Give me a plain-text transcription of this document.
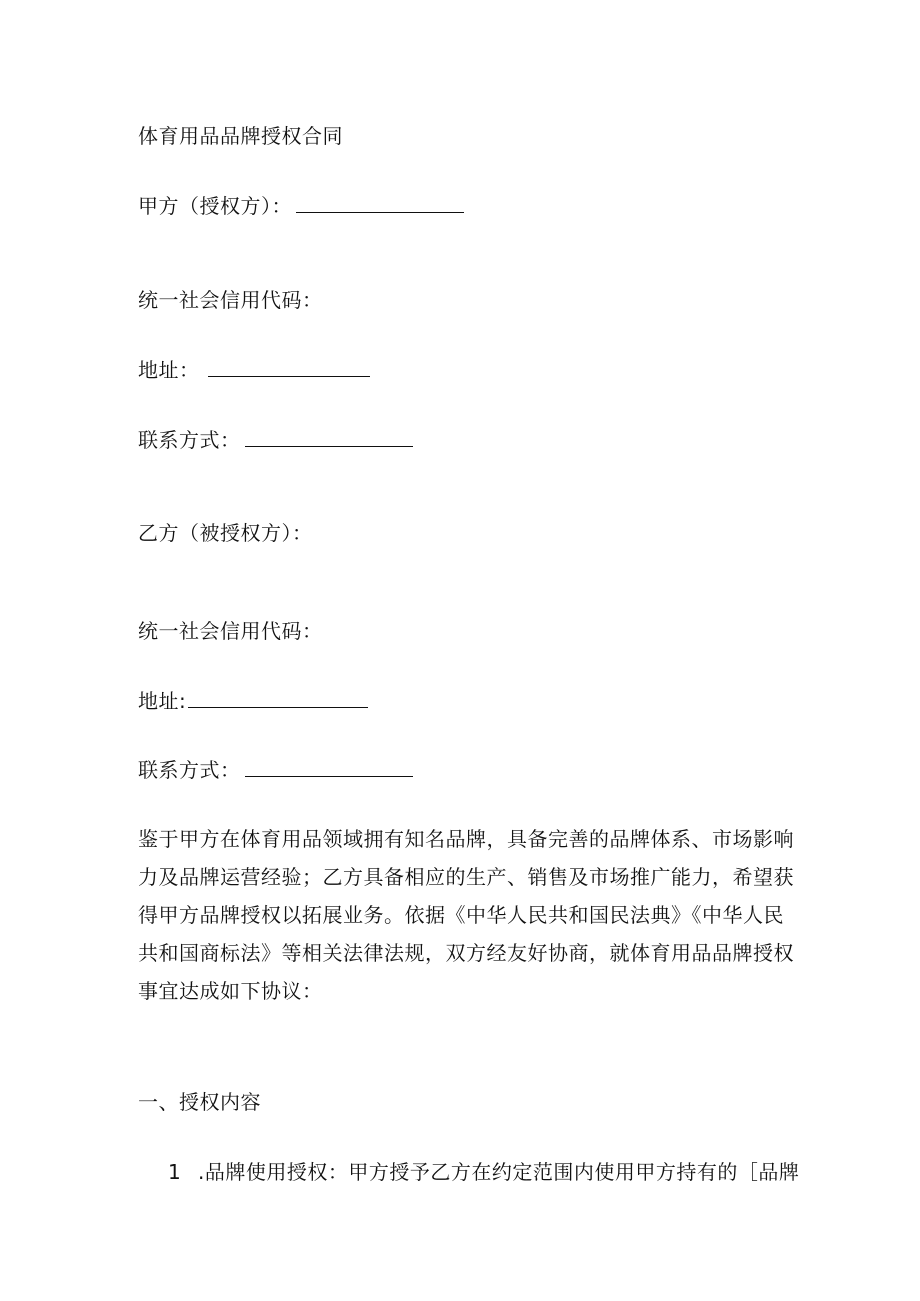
体育用品品牌授权合同
甲方（授权方）：
统一社会信用代码：
地址：
联系方式：
乙方（被授权方）：
统一社会信用代码：
地址:
联系方式：
鉴于甲方在体育用品领域拥有知名品牌，具备完善的品牌体系、市场影响
力及品牌运营经验；乙方具备相应的生产、销售及市场推广能力，希望获
得甲方品牌授权以拓展业务。依据《中华人民共和国民法典》《中华人民
共和国商标法》等相关法律法规，双方经友好协商，就体育用品品牌授权
事宜达成如下协议：
一、授权内容
1 .品牌使用授权：甲方授予乙方在约定范围内使用甲方持有的［品牌
